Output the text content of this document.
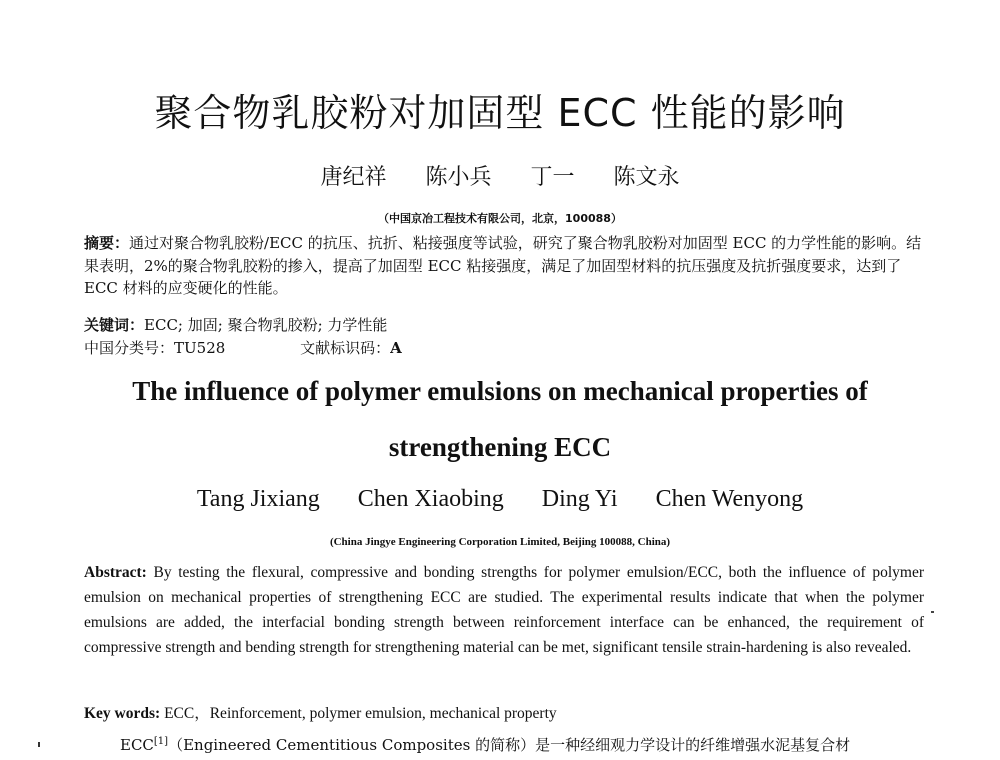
聚合物乳胶粉对加固型 ECC 性能的影响
唐纪祥 陈小兵 丁一 陈文永
（中国京冶工程技术有限公司，北京，100088）
摘要：通过对聚合物乳胶粉/ECC 的抗压、抗折、粘接强度等试验，研究了聚合物乳胶粉对加固型 ECC 的力学性能的影响。结果表明，2%的聚合物乳胶粉的掺入，提高了加固型 ECC 粘接强度，满足了加固型材料的抗压强度及抗折强度要求，达到了 ECC 材料的应变硬化的性能。
关键词：ECC; 加固; 聚合物乳胶粉; 力学性能
中国分类号：TU528	文献标识码：A
The influence of polymer emulsions on mechanical properties of
strengthening ECC
Tang Jixiang Chen Xiaobing Ding Yi Chen Wenyong
(China Jingye Engineering Corporation Limited, Beijing 100088, China)
Abstract: By testing the flexural, compressive and bonding strengths for polymer emulsion/ECC, both the influence of polymer emulsion on mechanical properties of strengthening ECC are studied. The experimental results indicate that when the polymer emulsions are added, the interfacial bonding strength between reinforcement interface can be enhanced, the requirement of compressive strength and bending strength for strengthening material can be met, significant tensile strain-hardening is also revealed.
Key words: ECC，Reinforcement, polymer emulsion, mechanical property
ECC[1]（Engineered Cementitious Composites 的简称）是一种经细观力学设计的纤维增强水泥基复合材
